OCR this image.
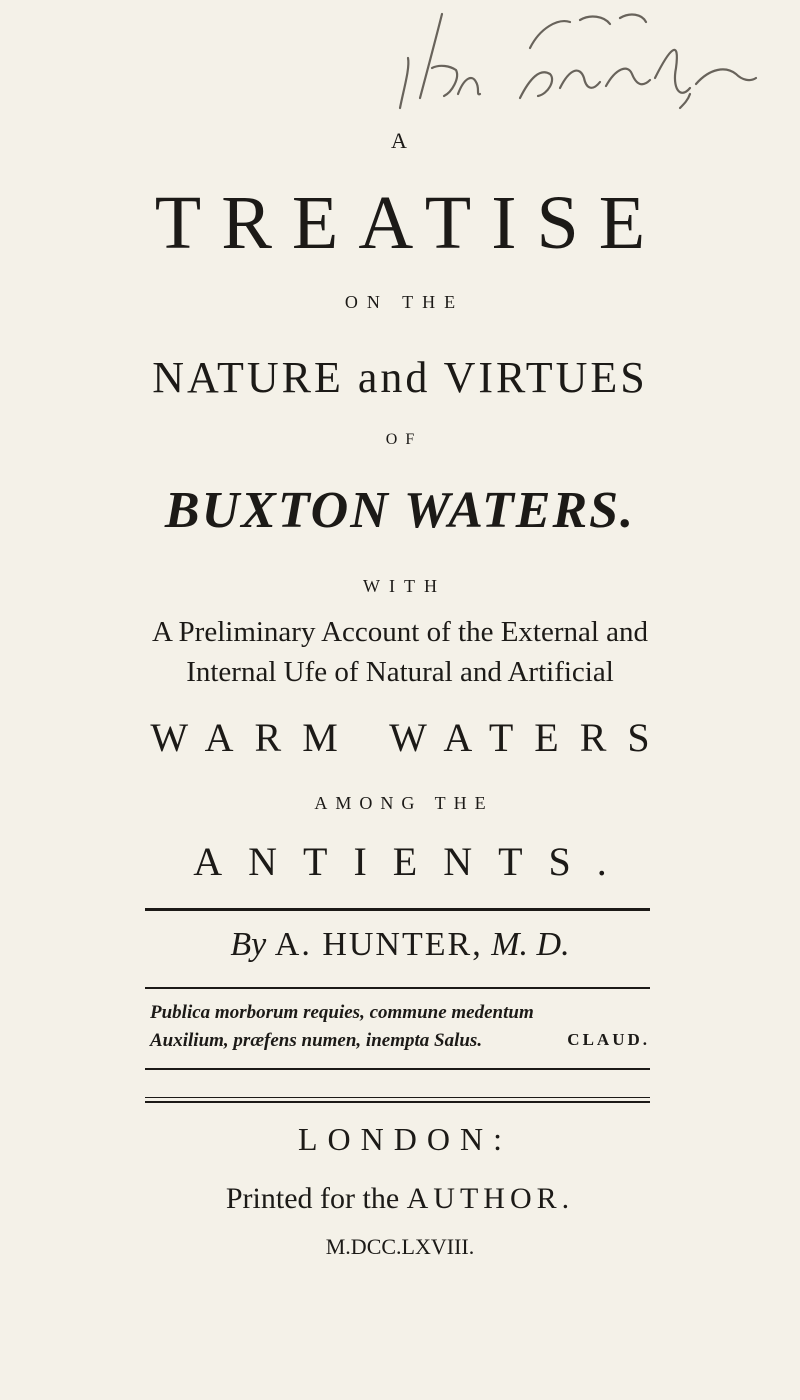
A
TREATISE
ON THE
NATURE and VIRTUES
OF
BUXTON WATERS.
WITH
A Preliminary Account of the External and
Internal Ufe of Natural and Artificial
WARM WATERS
AMONG THE
ANTIENTS.
By A. HUNTER, M. D.
Publica morborum requies, commune medentum
Auxilium, præfens numen, inempta Salus.	CLAUD.
LONDON:
Printed for the AUTHOR.
M.DCC.LXVIII.
